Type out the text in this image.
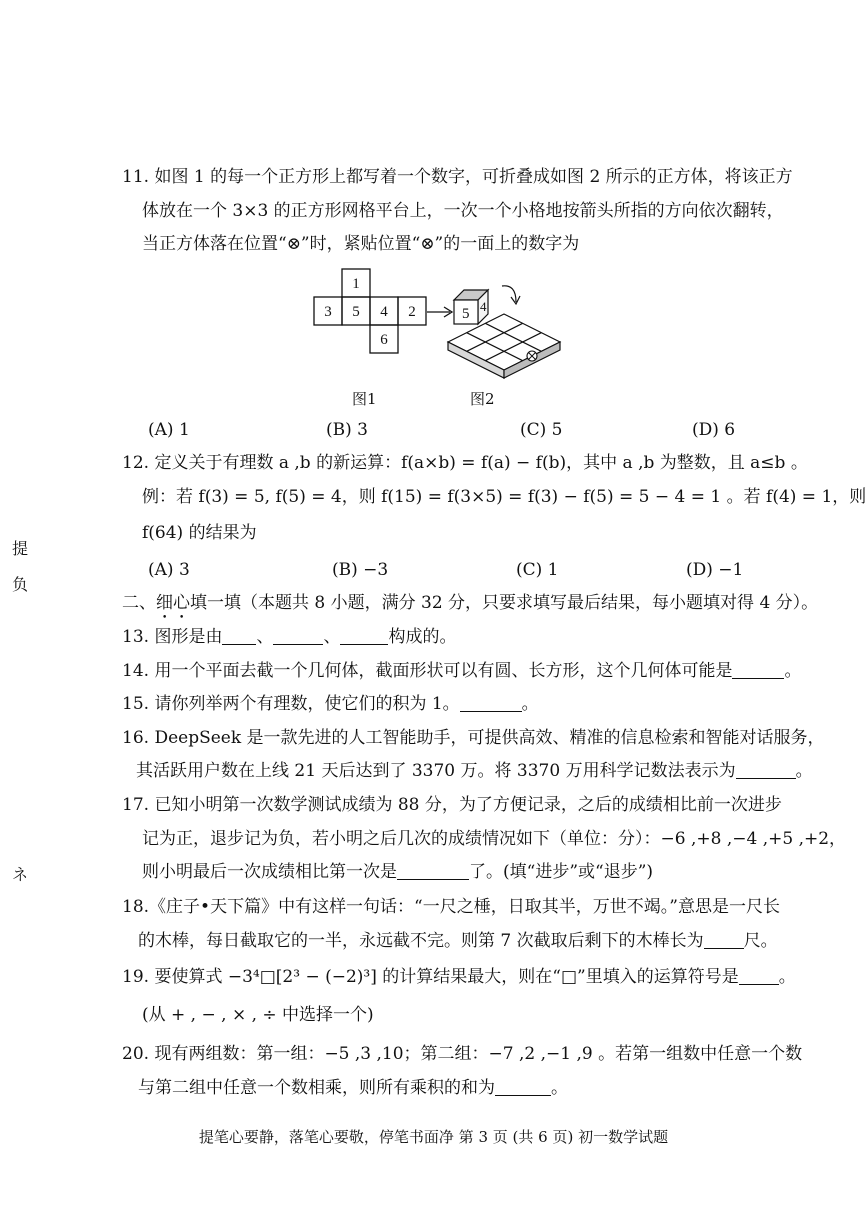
提
负
ネ
11. 如图 1 的每一个正方形上都写着一个数字，可折叠成如图 2 所示的正方体，将该正方
体放在一个 3×3 的正方形网格平台上，一次一个小格地按箭头所指的方向依次翻转，
当正方体落在位置“⊗”时，紧贴位置“⊗”的一面上的数字为
1
3 5 4 2
6
5 4
图1	图2
(A) 1	(B) 3	(C) 5	(D) 6
12. 定义关于有理数 a ,b 的新运算：f(a×b) = f(a) − f(b)，其中 a ,b 为整数，且 a≤b 。
例：若 f(3) = 5, f(5) = 4，则 f(15) = f(3×5) = f(3) − f(5) = 5 − 4 = 1 。若 f(4) = 1，则
f(64) 的结果为
(A) 3	(B) −3	(C) 1	(D) −1
二、细心填一填（本题共 8 小题，满分 32 分，只要求填写最后结果，每小题填对得 4 分）。
13. 图形是由 、	、	构成的。
14. 用一个平面去截一个几何体，截面形状可以有圆、长方形，这个几何体可能是	。
15. 请你列举两个有理数，使它们的积为 1。	。
16. DeepSeek 是一款先进的人工智能助手，可提供高效、精准的信息检索和智能对话服务，
其活跃用户数在上线 21 天后达到了 3370 万。将 3370 万用科学记数法表示为	。
17. 已知小明第一次数学测试成绩为 88 分，为了方便记录，之后的成绩相比前一次进步
记为正，退步记为负，若小明之后几次的成绩情况如下（单位：分）：−6 ,+8 ,−4 ,+5 ,+2，
则小明最后一次成绩相比第一次是	了。(填“进步”或“退步”)
18.《庄子•天下篇》中有这样一句话：“一尺之棰，日取其半，万世不竭。”意思是一尺长
的木棒，每日截取它的一半，永远截不完。则第 7 次截取后剩下的木棒长为 尺。
19. 要使算式 −3⁴□[2³ − (−2)³] 的计算结果最大，则在“□”里填入的运算符号是 。
(从 + , − , × , ÷ 中选择一个)
20. 现有两组数：第一组：−5 ,3 ,10；第二组：−7 ,2 ,−1 ,9 。若第一组数中任意一个数
与第二组中任意一个数相乘，则所有乘积的和为	。
提笔心要静，落笔心要敬，停笔书面净 第 3 页 (共 6 页) 初一数学试题
